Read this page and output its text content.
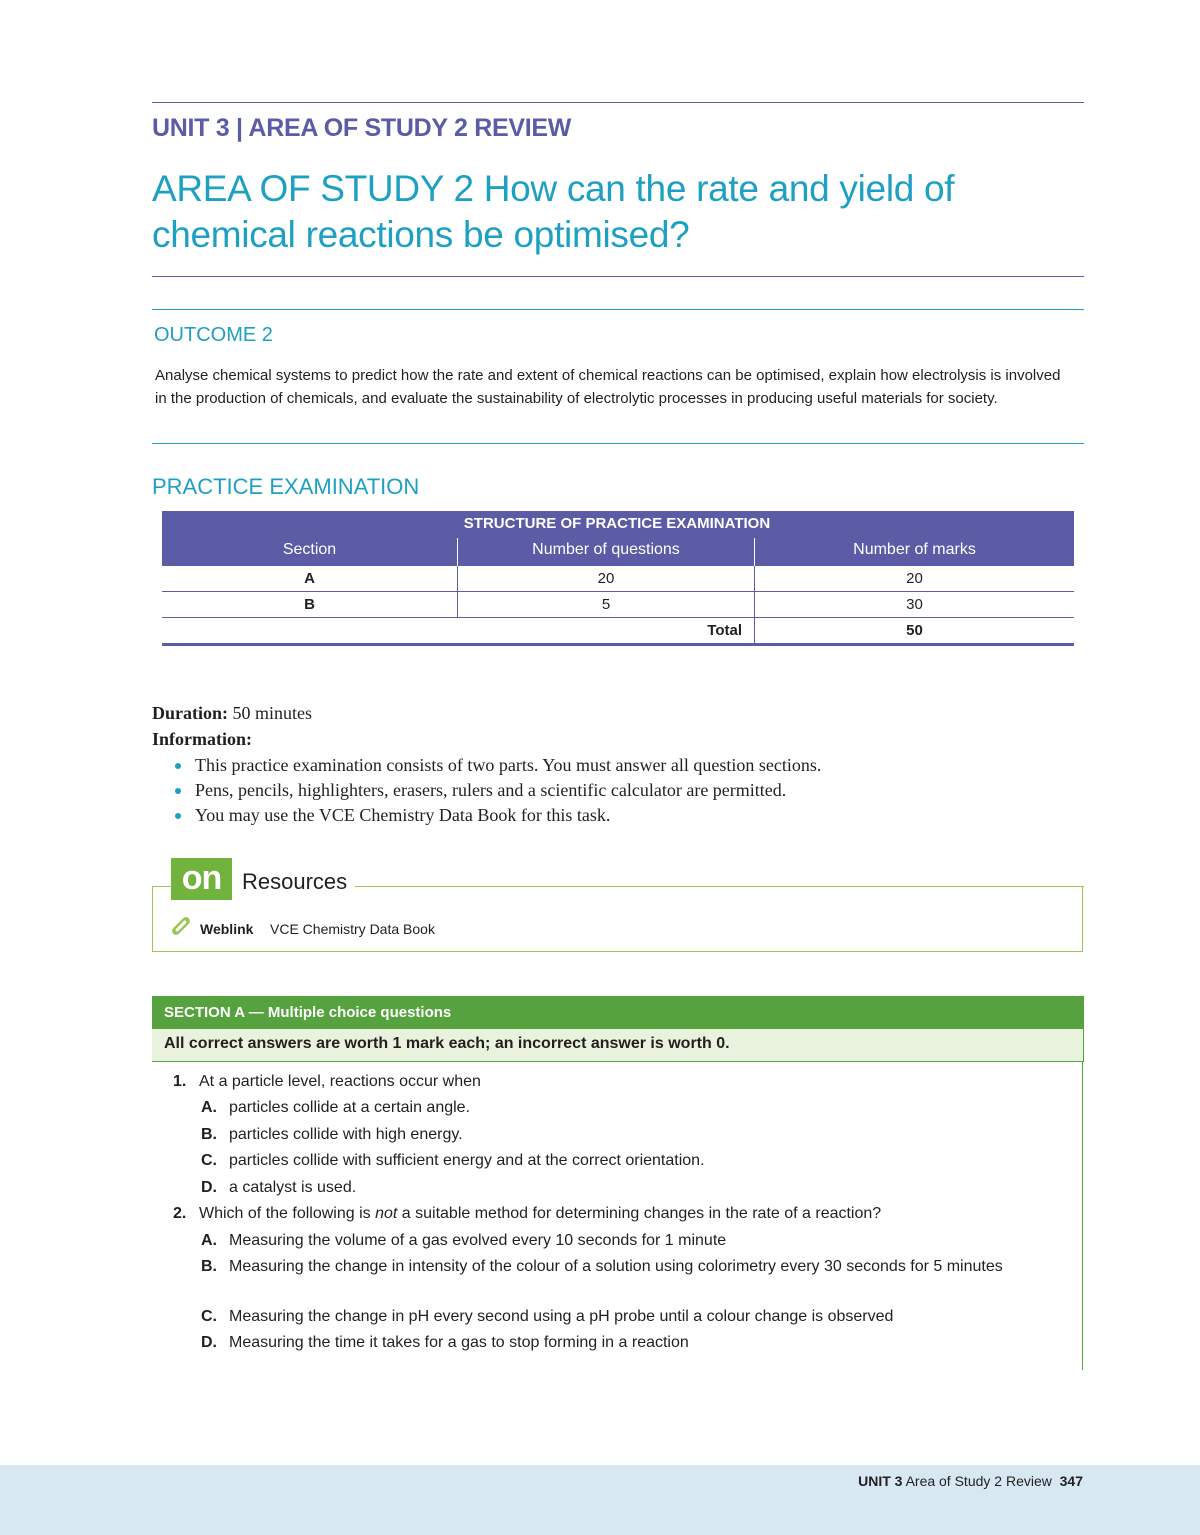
UNIT 3 | AREA OF STUDY 2 REVIEW
AREA OF STUDY 2 How can the rate and yield of chemical reactions be optimised?
OUTCOME 2
Analyse chemical systems to predict how the rate and extent of chemical reactions can be optimised, explain how electrolysis is involved in the production of chemicals, and evaluate the sustainability of electrolytic processes in producing useful materials for society.
PRACTICE EXAMINATION
STRUCTURE OF PRACTICE EXAMINATION
Section	Number of questions	Number of marks
A	20	20
B	5	30
Total	50
Duration: 50 minutes
Information:
This practice examination consists of two parts. You must answer all question sections.
Pens, pencils, highlighters, erasers, rulers and a scientific calculator are permitted.
You may use the VCE Chemistry Data Book for this task.
on Resources
Weblink VCE Chemistry Data Book
SECTION A — Multiple choice questions
All correct answers are worth 1 mark each; an incorrect answer is worth 0.
1. At a particle level, reactions occur when
A. particles collide at a certain angle.
B. particles collide with high energy.
C. particles collide with sufficient energy and at the correct orientation.
D. a catalyst is used.
2. Which of the following is not a suitable method for determining changes in the rate of a reaction?
A. Measuring the volume of a gas evolved every 10 seconds for 1 minute
B. Measuring the change in intensity of the colour of a solution using colorimetry every 30 seconds for 5 minutes
C. Measuring the change in pH every second using a pH probe until a colour change is observed
D. Measuring the time it takes for a gas to stop forming in a reaction
UNIT 3 Area of Study 2 Review 347
